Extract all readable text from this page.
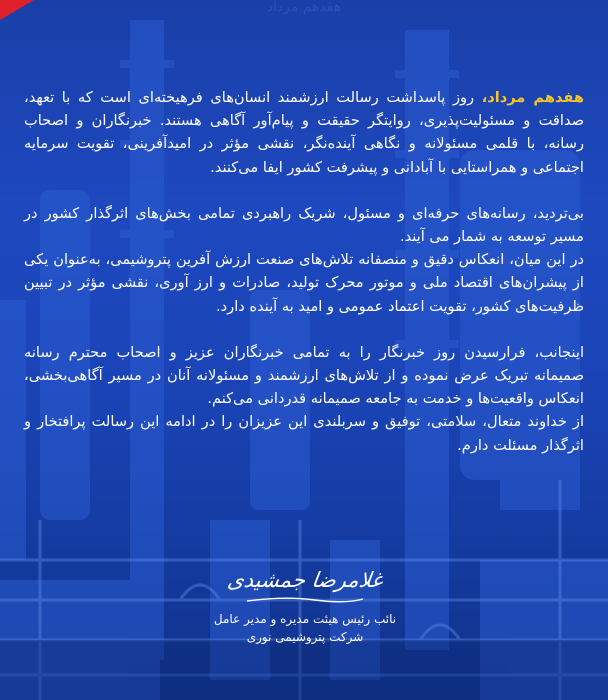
هفدهم مرداد

هفدهم مرداد، روز پاسداشت رسالت ارزشمند انسان‌های فرهیخته‌ای است که با تعهد، صداقت و مسئولیت‌پذیری، روایتگر حقیقت و پیام‌آور آگاهی هستند. خبرنگاران و اصحاب رسانه، با قلمی مسئولانه و نگاهی آینده‌نگر، نقشی مؤثر در امیدآفرینی، تقویت سرمایه اجتماعی و همراستایی با آبادانی و پیشرفت کشور ایفا می‌کنند.

بی‌تردید، رسانه‌های حرفه‌ای و مسئول، شریک راهبردی تمامی بخش‌های اثرگذار کشور در مسیر توسعه به شمار می آیند.

در این میان، انعکاس دقیق و منصفانه تلاش‌های صنعت ارزش آفرین پتروشیمی، به‌عنوان یکی از پیشران‌های اقتصاد ملی و موتور محرک تولید، صادرات و ارز آوری، نقشی مؤثر در تبیین ظرفیت‌های کشور، تقویت اعتماد عمومی و امید به آینده دارد.

اینجانب، فرارسیدن روز خبرنگار را به تمامی خبرنگاران عزیز و اصحاب محترم رسانه صمیمانه تبریک عرض نموده و از تلاش‌های ارزشمند و مسئولانه آنان در مسیر آگاهی‌بخشی، انعکاس واقعیت‌ها و خدمت به جامعه صمیمانه قدردانی می‌کنم.

از خداوند متعال، سلامتی، توفیق و سربلندی این عزیزان را در ادامه این رسالت پرافتخار و اثرگذار مسئلت دارم.

غلامرضا جمشیدی
نائب رئیس هیئت مدیره و مدیر عامل
شرکت پتروشیمی نوری
